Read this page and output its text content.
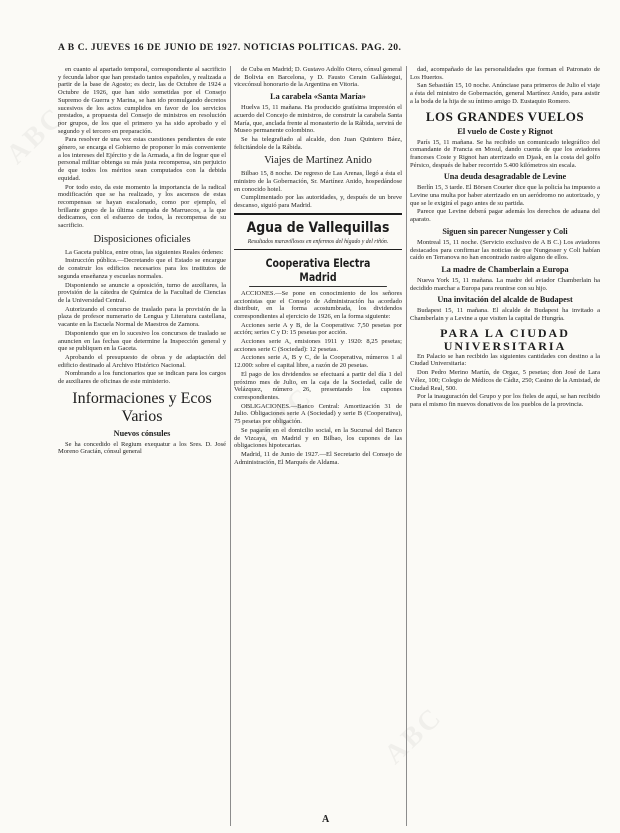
A B C. JUEVES 16 DE JUNIO DE 1927. NOTICIAS POLITICAS. PAG. 20.

en cuanto al apartado temporal, correspondiente al sacrificio y fecunda labor que han prestado tantos españoles, y realizada a partir de la base de Agosto; es decir, las de Octubre de 1924 a Octubre de 1926, que han sido sometidas por el Consejo Supremo de Guerra y Marina, se han ido promulgando decretos sucesivos de los actos cumplidos en favor de los servicios prestados, a propuesta del Consejo de ministros en resolución por grupos, de los que el primero ya ha sido aprobado y el segundo y el tercero en preparación.

Para resolver de una vez estas cuestiones pendientes de este género, se encarga el Gobierno de proponer lo más conveniente a los intereses del Ejército y de la Armada, a fin de lograr que el personal militar obtenga su más justa recompensa, sin perjuicio de que todos los méritos sean computados con la debida equidad.

Por todo esto, da este momento la importancia de la radical modificación que se ha realizado, y los ascensos de estas recompensas se hayan escalonado, como por ejemplo, el brillante grupo de la última campaña de Marruecos, a la que dedicamos, con el esfuerzo de todos, la recompensa de su sacrificio.

Disposiciones oficiales

La Gaceta publica, entre otras, las siguientes Reales órdenes:

Instrucción pública.—Decretando que el Estado se encargue de construir los edificios necesarios para los institutos de segunda enseñanza y escuelas normales.

Disponiendo se anuncie a oposición, turno de auxiliares, la provisión de la cátedra de Química de la Facultad de Ciencias de la Universidad Central.

Autorizando el concurso de traslado para la provisión de la plaza de profesor numerario de Lengua y Literatura castellana, vacante en la Escuela Normal de Maestros de Zamora.

Disponiendo que en lo sucesivo los concursos de traslado se anuncien en las fechas que determine la Inspección general y que se publiquen en la Gaceta.

Aprobando el presupuesto de obras y de adaptación del edificio destinado al Archivo Histórico Nacional.

Nombrando a los funcionarios que se indican para los cargos de auxiliares de oficinas de este ministerio.

Informaciones y Ecos Varios
Nuevos cónsules

Se ha concedido el Regium exequatur a los Sres. D. José Moreno Gracián, cónsul general

de Cuba en Madrid; D. Gustavo Adolfo Otero, cónsul general de Bolivia en Barcelona, y D. Fausto Cerain Gallástegui, vicecónsul honorario de la Argentina en Vitoria.

La carabela «Santa María»

Huelva 15, 11 mañana. Ha producido gratísima impresión el acuerdo del Concejo de ministros, de construir la carabela Santa María, que, anclada frente al monasterio de la Rábida, servirá de Museo permanente colombino.

Se ha telegrafiado al alcalde, don Juan Quintero Báez, felicitándole de la Rábida.

Viajes de Martínez Anido

Bilbao 15, 8 noche. De regreso de Las Arenas, llegó a ésta el ministro de la Gobernación, Sr. Martínez Anido, hospedándose en conocido hotel.

Cumplimentado por las autoridades, y, después de un breve descanso, siguió para Madrid.

Agua de Vallequillas
Resultados maravillosos en enfermos del hígado y del riñón.
Cooperativa Electra Madrid

ACCIONES.—Se pone en conocimiento de los señores accionistas que el Consejo de Administración ha acordado distribuir, en la forma acostumbrada, los dividendos correspondientes al ejercicio de 1926, en la forma siguiente:

Acciones serie A y B, de la Cooperativa: 7,50 pesetas por acción; series C y D: 15 pesetas por acción.

Acciones serie A, emisiones 1911 y 1920: 8,25 pesetas; acciones serie C (Sociedad): 12 pesetas.

Acciones serie A, B y C, de la Cooperativa, números 1 al 12.000: sobre el capital libre, a razón de 20 pesetas.

El pago de los dividendos se efectuará a partir del día 1 del próximo mes de Julio, en la caja de la Sociedad, calle de Velázquez, número 26, presentando los cupones correspondientes.

OBLIGACIONES.—Banco Central: Amortización 31 de Julio. Obligaciones serie A (Sociedad) y serie B (Cooperativa), 75 pesetas por obligación.

Se pagarán en el domicilio social, en la Sucursal del Banco de Vizcaya, en Madrid y en Bilbao, los cupones de las obligaciones hipotecarias.

Madrid, 11 de Junio de 1927.—El Secretario del Consejo de Administración, El Marqués de Aldama.

dad, acompañado de las personalidades que forman el Patronato de Los Huertos.

San Sebastián 15, 10 noche. Anúnciase para primeros de Julio el viaje a ésta del ministro de Gobernación, general Martínez Anido, para asistir a la boda de la hija de su íntimo amigo D. Eustaquio Romero.

LOS GRANDES VUELOS
El vuelo de Coste y Rignot

París 15, 11 mañana. Se ha recibido un comunicado telegráfico del comandante de Francia en Mosul, dando cuenta de que los aviadores franceses Coste y Rignot han aterrizado en Djask, en la costa del golfo Pérsico, después de haber recorrido 5.400 kilómetros sin escala.

Una deuda desagradable de Levine

Berlín 15, 3 tarde. El Börsen Courier dice que la policía ha impuesto a Levine una multa por haber aterrizado en un aeródromo no autorizado, y que se le exigirá el pago antes de su partida.

Parece que Levine deberá pagar además los derechos de aduana del aparato.

Siguen sin parecer Nungesser y Coli

Montreal 15, 11 noche. (Servicio exclusivo de A B C.) Los aviadores destacados para confirmar las noticias de que Nungesser y Coli habían caído en Terranova no han encontrado rastro alguno de ellos.

La madre de Chamberlain a Europa

Nueva York 15, 11 mañana. La madre del aviador Chamberlain ha decidido marchar a Europa para reunirse con su hijo.

Una invitación del alcalde de Budapest

Budapest 15, 11 mañana. El alcalde de Budapest ha invitado a Chamberlain y a Levine a que visiten la capital de Hungría.

PARA LA CIUDAD UNIVERSITARIA

En Palacio se han recibido las siguientes cantidades con destino a la Ciudad Universitaria:

Don Pedro Merino Martín, de Orgaz, 5 pesetas; don José de Lara Vélez, 100; Colegio de Médicos de Cádiz, 250; Casino de la Amistad, de Ciudad Real, 500.

Por la inauguración del Grupo y por los fieles de aquí, se han recibido para el mismo fin nuevos donativos de los pueblos de la provincia.

A
